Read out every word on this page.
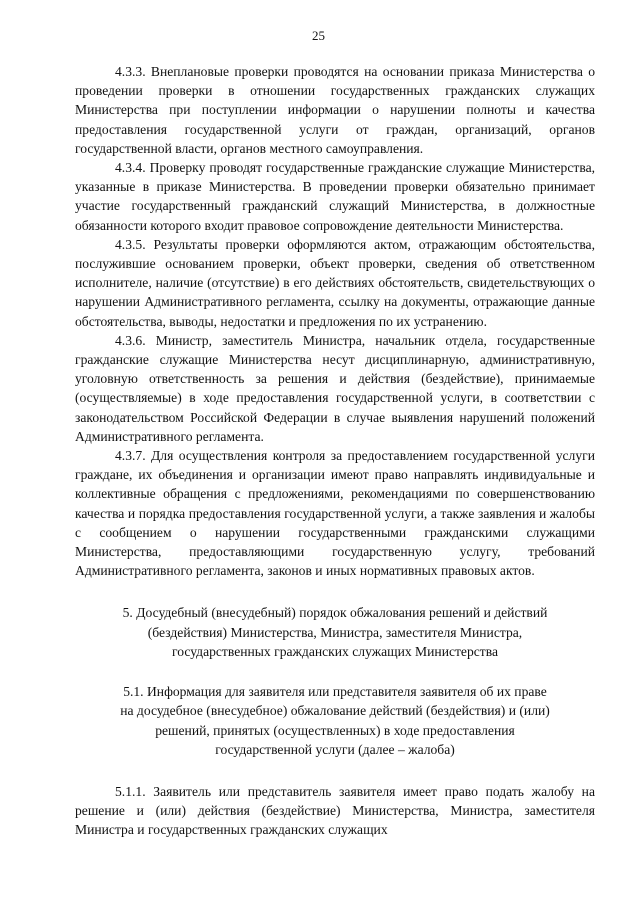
25

4.3.3. Внеплановые проверки проводятся на основании приказа Министерства о проведении проверки в отношении государственных гражданских служащих Министерства при поступлении информации о нарушении полноты и качества предоставления государственной услуги от граждан, организаций, органов государственной власти, органов местного самоуправления.

4.3.4. Проверку проводят государственные гражданские служащие Министерства, указанные в приказе Министерства. В проведении проверки обязательно принимает участие государственный гражданский служащий Министерства, в должностные обязанности которого входит правовое сопровождение деятельности Министерства.

4.3.5. Результаты проверки оформляются актом, отражающим обстоятельства, послужившие основанием проверки, объект проверки, сведения об ответственном исполнителе, наличие (отсутствие) в его действиях обстоятельств, свидетельствующих о нарушении Административного регламента, ссылку на документы, отражающие данные обстоятельства, выводы, недостатки и предложения по их устранению.

4.3.6. Министр, заместитель Министра, начальник отдела, государственные гражданские служащие Министерства несут дисциплинарную, административную, уголовную ответственность за решения и действия (бездействие), принимаемые (осуществляемые) в ходе предоставления государственной услуги, в соответствии с законодательством Российской Федерации в случае выявления нарушений положений Административного регламента.

4.3.7. Для осуществления контроля за предоставлением государственной услуги граждане, их объединения и организации имеют право направлять индивидуальные и коллективные обращения с предложениями, рекомендациями по совершенствованию качества и порядка предоставления государственной услуги, а также заявления и жалобы с сообщением о нарушении государственными гражданскими служащими Министерства, предоставляющими государственную услугу, требований Административного регламента, законов и иных нормативных правовых актов.

5. Досудебный (внесудебный) порядок обжалования решений и действий
(бездействия) Министерства, Министра, заместителя Министра,
государственных гражданских служащих Министерства
5.1. Информация для заявителя или представителя заявителя об их праве
на досудебное (внесудебное) обжалование действий (бездействия) и (или)
решений, принятых (осуществленных) в ходе предоставления
государственной услуги (далее – жалоба)

5.1.1. Заявитель или представитель заявителя имеет право подать жалобу на решение и (или) действия (бездействие) Министерства, Министра, заместителя Министра и государственных гражданских служащих
